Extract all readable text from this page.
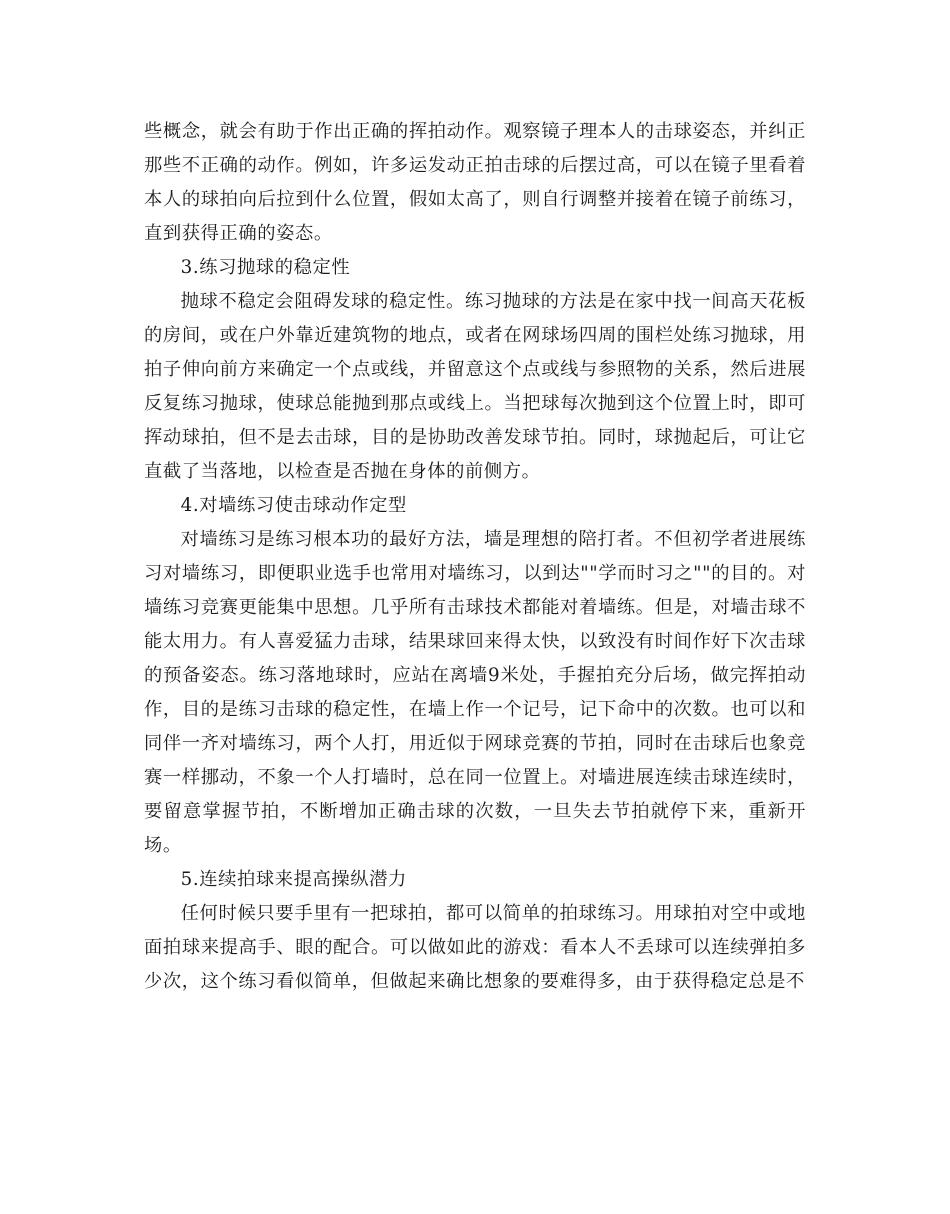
些概念，就会有助于作出正确的挥拍动作。观察镜子理本人的击球姿态，并纠正那些不正确的动作。例如，许多运发动正拍击球的后摆过高，可以在镜子里看着本人的球拍向后拉到什么位置，假如太高了，则自行调整并接着在镜子前练习，直到获得正确的姿态。

3.练习抛球的稳定性

抛球不稳定会阻碍发球的稳定性。练习抛球的方法是在家中找一间高天花板的房间，或在户外靠近建筑物的地点，或者在网球场四周的围栏处练习抛球，用拍子伸向前方来确定一个点或线，并留意这个点或线与参照物的关系，然后进展反复练习抛球，使球总能抛到那点或线上。当把球每次抛到这个位置上时，即可挥动球拍，但不是去击球，目的是协助改善发球节拍。同时，球抛起后，可让它直截了当落地，以检查是否抛在身体的前侧方。

4.对墙练习使击球动作定型

对墙练习是练习根本功的最好方法，墙是理想的陪打者。不但初学者进展练习对墙练习，即便职业选手也常用对墙练习，以到达""学而时习之""的目的。对墙练习竞赛更能集中思想。几乎所有击球技术都能对着墙练。但是，对墙击球不能太用力。有人喜爱猛力击球，结果球回来得太快，以致没有时间作好下次击球的预备姿态。练习落地球时，应站在离墙9米处，手握拍充分后场，做完挥拍动作，目的是练习击球的稳定性，在墙上作一个记号，记下命中的次数。也可以和同伴一齐对墙练习，两个人打，用近似于网球竞赛的节拍，同时在击球后也象竞赛一样挪动，不象一个人打墙时，总在同一位置上。对墙进展连续击球连续时，要留意掌握节拍，不断增加正确击球的次数，一旦失去节拍就停下来，重新开场。

5.连续拍球来提高操纵潜力

任何时候只要手里有一把球拍，都可以简单的拍球练习。用球拍对空中或地面拍球来提高手、眼的配合。可以做如此的游戏：看本人不丢球可以连续弹拍多少次，这个练习看似简单，但做起来确比想象的要难得多，由于获得稳定总是不
